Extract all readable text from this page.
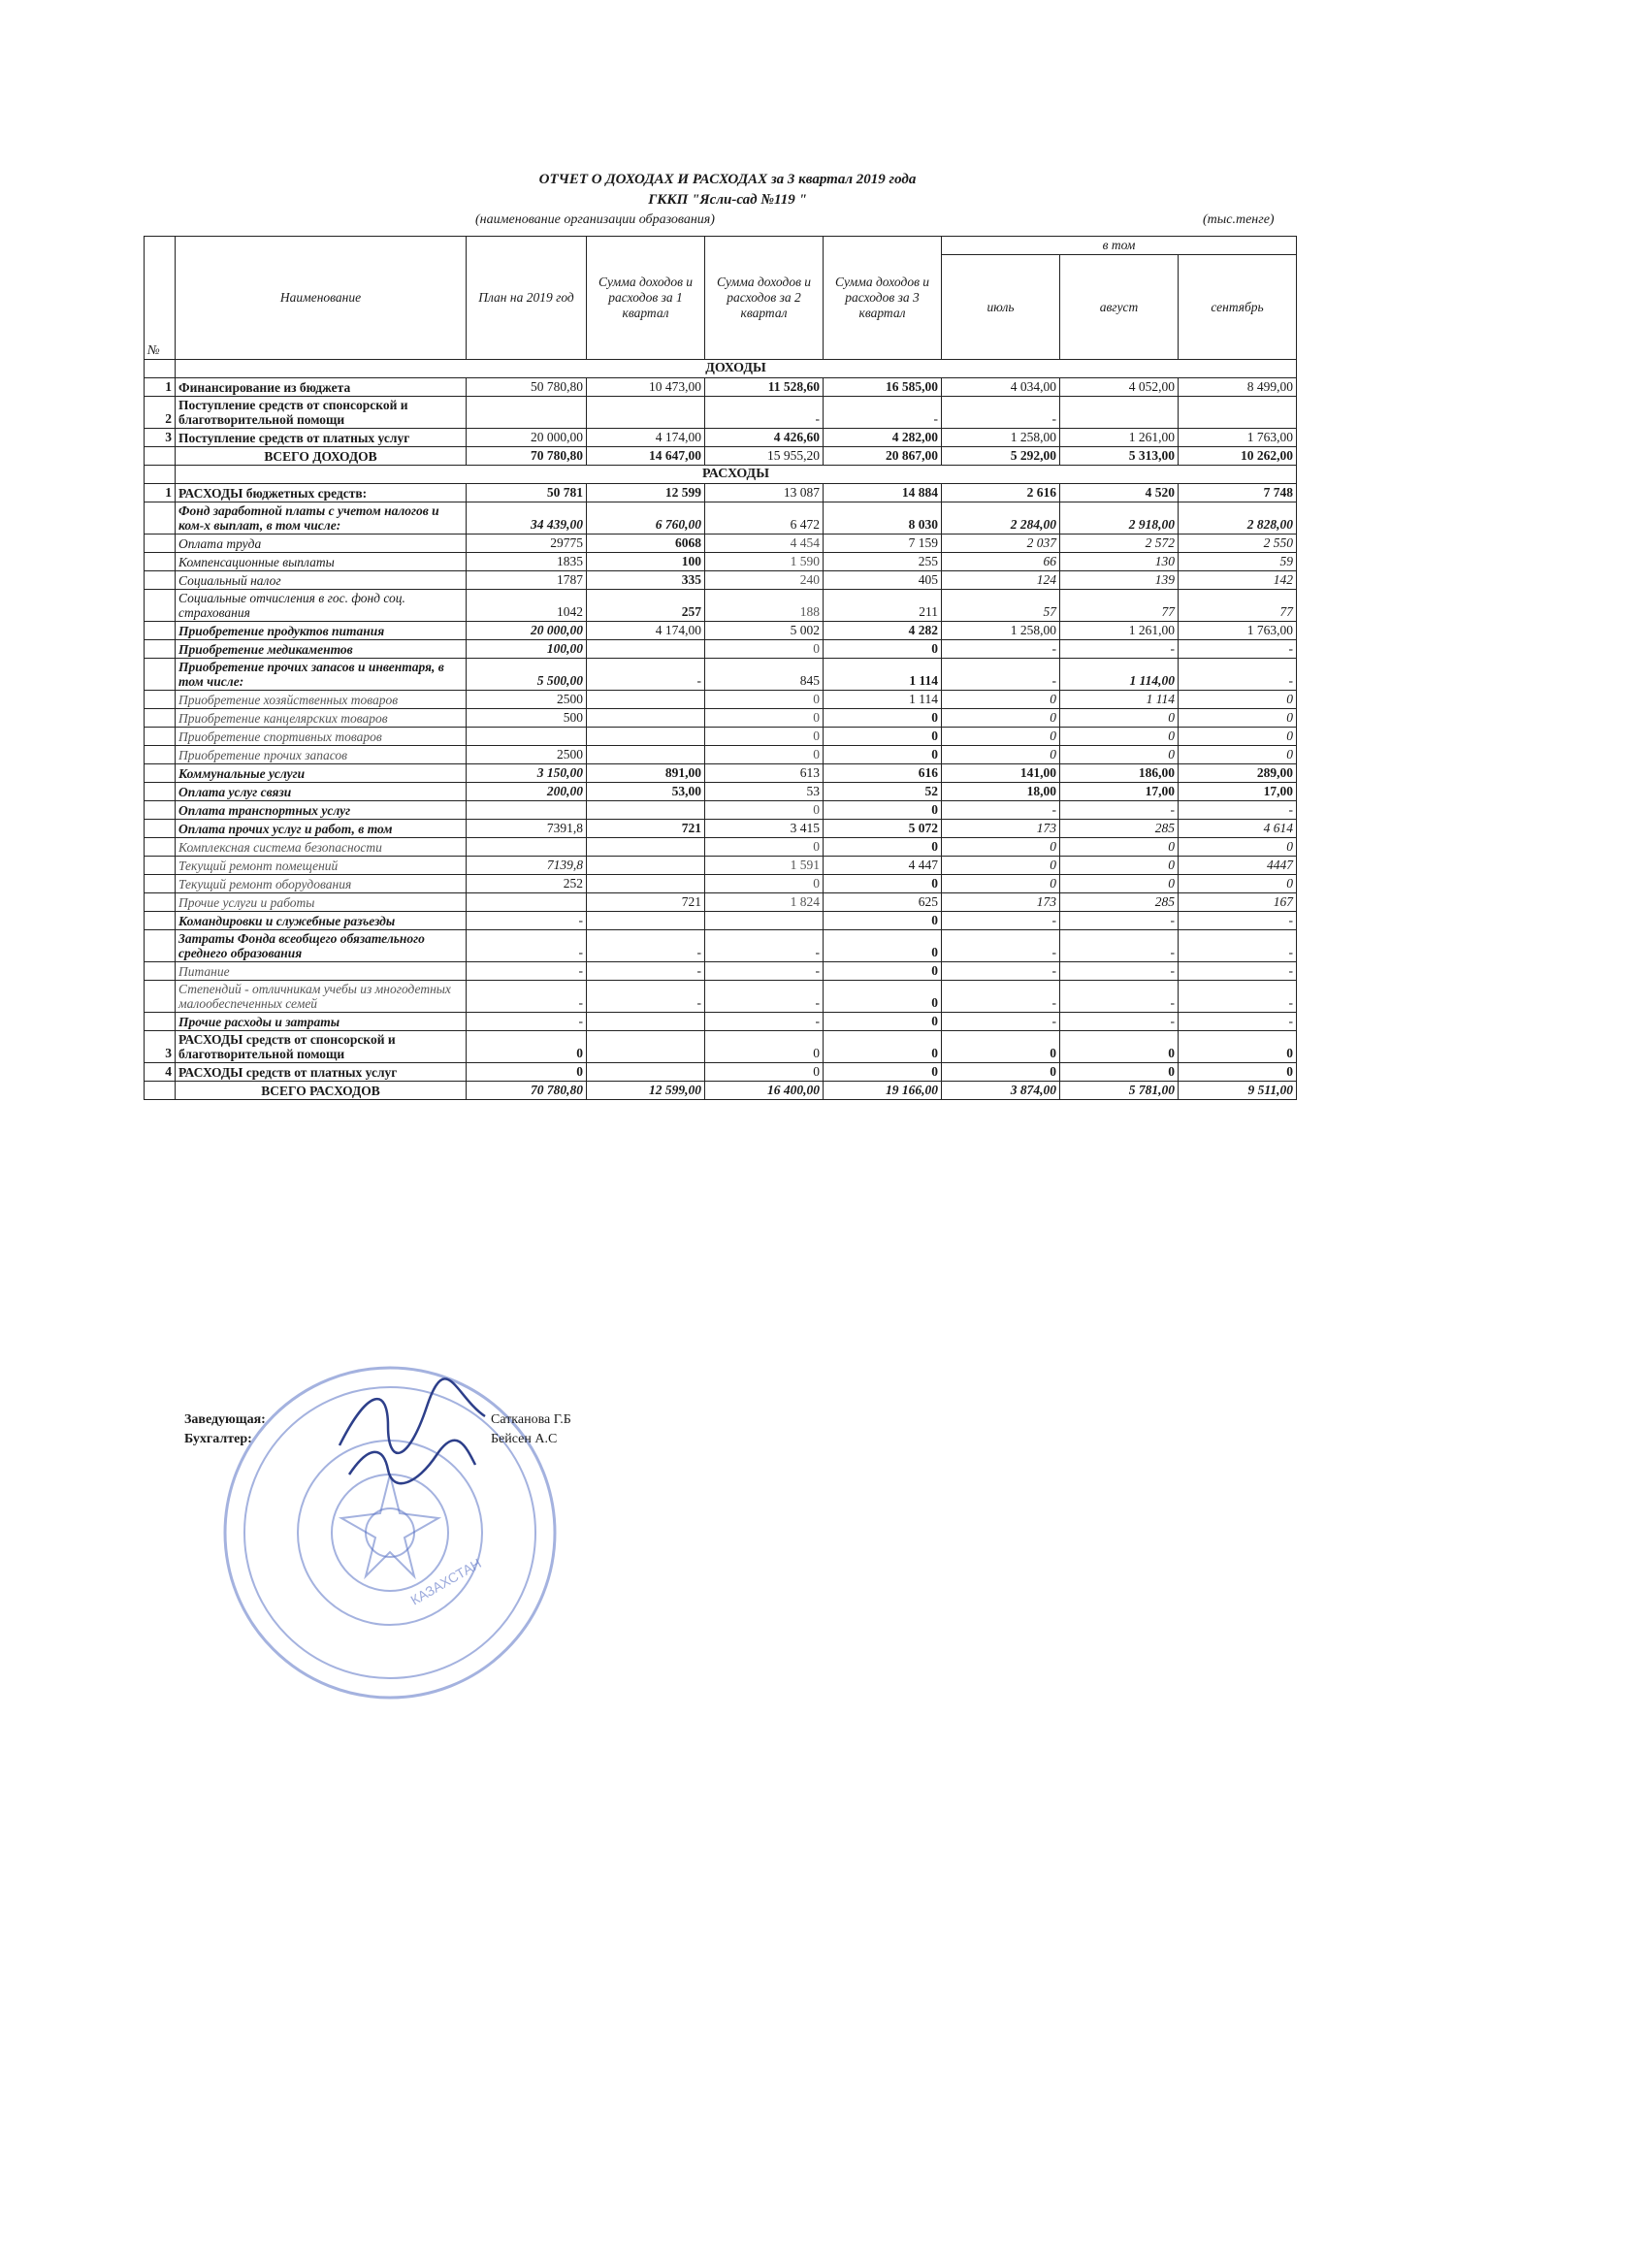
ОТЧЕТ О ДОХОДАХ И РАСХОДАХ за 3 квартал 2019 года
ГККП "Ясли-сад №119 "
(наименование организации образования)	(тыс.тенге)
№	Наименование	План на 2019 год	Сумма доходов и расходов за 1 квартал	Сумма доходов и расходов за 2 квартал	Сумма доходов и расходов за 3 квартал	в том		
						июль	август	сентябрь
	ДОХОДЫ							
1	Финансирование из бюджета	50 780,80	10 473,00	11 528,60	16 585,00	4 034,00	4 052,00	8 499,00
2	Поступление средств от спонсорской и благотворительной помощи			-	-	-		
3	Поступление средств от платных услуг	20 000,00	4 174,00	4 426,60	4 282,00	1 258,00	1 261,00	1 763,00
	ВСЕГО ДОХОДОВ	70 780,80	14 647,00	15 955,20	20 867,00	5 292,00	5 313,00	10 262,00
	РАСХОДЫ							
1	РАСХОДЫ бюджетных средств:	50 781	12 599	13 087	14 884	2 616	4 520	7 748
	Фонд заработной платы с учетом налогов и ком-х выплат, в том числе:	34 439,00	6 760,00	6 472	8 030	2 284,00	2 918,00	2 828,00
	Оплата труда	29775	6068	4 454	7 159	2 037	2 572	2 550
	Компенсационные выплаты	1835	100	1 590	255	66	130	59
	Социальный налог	1787	335	240	405	124	139	142
	Социальные отчисления в гос. фонд соц. страхования	1042	257	188	211	57	77	77
	Приобретение продуктов питания	20 000,00	4 174,00	5 002	4 282	1 258,00	1 261,00	1 763,00
	Приобретение медикаментов	100,00		0	0	-	-	-
	Приобретение прочих запасов и инвентаря, в том числе:	5 500,00	-	845	1 114	-	1 114,00	-
	Приобретение хозяйственных товаров	2500		0	1 114	0	1 114	0
	Приобретение канцелярских товаров	500		0	0	0	0	0
	Приобретение спортивных товаров			0	0	0	0	0
	Приобретение прочих запасов	2500		0	0	0	0	0
	Коммунальные услуги	3 150,00	891,00	613	616	141,00	186,00	289,00
	Оплата услуг связи	200,00	53,00	53	52	18,00	17,00	17,00
	Оплата транспортных услуг			0	0	-	-	-
	Оплата прочих услуг и работ, в том	7391,8	721	3 415	5 072	173	285	4 614
	Комплексная система безопасности			0	0	0	0	0
	Текущий ремонт помещений	7139,8		1 591	4 447	0	0	4447
	Текущий ремонт оборудования	252		0	0	0	0	0
	Прочие услуги и работы		721	1 824	625	173	285	167
	Командировки и служебные разъезды	-			0	-	-	-
	Затраты Фонда всеобщего обязательного среднего образования	-	-	-	0	-	-	-
	Питание	-	-	-	0	-	-	-
	Степендий - отличникам учебы из многодетных малообеспеченных семей	-	-	-	0	-	-	-
	Прочие расходы и затраты	-		-	0	-	-	-
3	РАСХОДЫ средств от спонсорской и благотворительной помощи	0		0	0	0	0	0
4	РАСХОДЫ средств от платных услуг	0		0	0	0	0	0
	ВСЕГО РАСХОДОВ	70 780,80	12 599,00	16 400,00	19 166,00	3 874,00	5 781,00	9 511,00
КАЗАХСТАН
Заведующая:	Сатканова Г.Б
Бухгалтер:	Бейсен А.С
